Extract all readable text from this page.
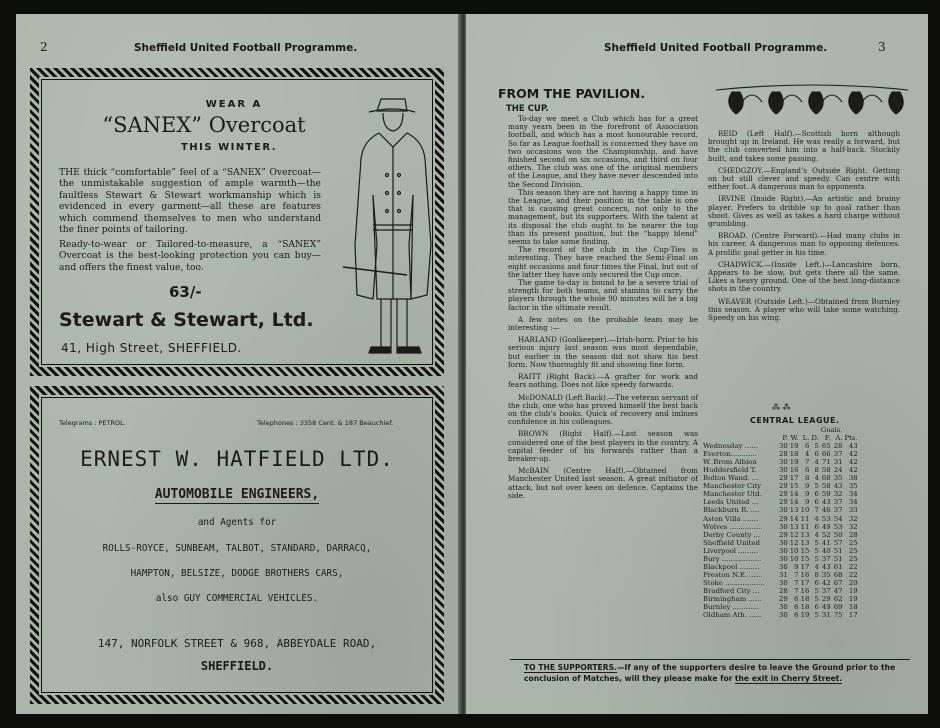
2	Sheffield United Football Programme.
WEAR A
“SANEX” Overcoat
THIS WINTER.
THE thick “comfortable” feel of a “SANEX” Overcoat—the unmistakable suggestion of ample warmth—the faultless Stewart & Stewart workmanship which is evidenced in every garment—all these are features which commend themselves to men who understand the finer points of tailoring.
Ready-to-wear or Tailored-to-measure, a “SANEX” Overcoat is the best-looking protection you can buy—and offers the finest value, too.
63/-
Stewart & Stewart, Ltd.
41, High Street, SHEFFIELD.
Telegrams : PETROL.	Telephones : 3358 Cent. & 187 Beauchief.
ERNEST W. HATFIELD LTD.
AUTOMOBILE ENGINEERS,
and Agents for
ROLLS-ROYCE, SUNBEAM, TALBOT, STANDARD, DARRACQ,
HAMPTON, BELSIZE, DODGE BROTHERS CARS,
also GUY COMMERCIAL VEHICLES.
147, NORFOLK STREET & 968, ABBEYDALE ROAD,
SHEFFIELD.
Sheffield United Football Programme.	3
FROM THE PAVILION.
THE CUP.

To-day we meet a Club which has for a great many years been in the forefront of Association football, and which has a most honourable record. So far as League football is concerned they have on two occasions won the Championship, and have finished second on six occasions, and third on four others. The club was one of the original members of the League, and they have never descended into the Second Division.

This season they are not having a happy time in the League, and their position in the table is one that is causing great concern, not only to the management, but its supporters. With the talent at its disposal the club ought to be nearer the top than its present position, but the “happy blend” seems to take some finding.

The record of the club in the Cup-Ties is interesting. They have reached the Semi-Final on eight occasions and four times the Final, but out of the latter they have only secured the Cup once.

The game to-day is bound to be a severe trial of strength for both teams, and stamina to carry the players through the whole 90 minutes will be a big factor in the ultimate result.

A few notes on the probable team may be interesting :—

HARLAND (Goalkeeper).—Irish-born. Prior to his serious injury last season was most dependable, but earlier in the season did not show his best form. Now thoroughly fit and showing fine form.

RAITT (Right Back).—A grafter for work and fears nothing. Does not like speedy forwards.

McDONALD (Left Back).—The veteran servant of the club, one who has proved himself the best back on the club’s books. Quick of recovery and imbues confidence in his colleagues.

BROWN (Right Half).—Last season was considered one of the best players in the country. A capital feeder of his forwards rather than a breaker-up.

McBAIN (Centre Half).—Obtained from Manchester United last season. A great initiator of attack, but not over keen on defence. Captains the side.

REID (Left Half).—Scottish born although brought up in Ireland. He was really a forward, but the club converted him into a half-back. Stockily built, and takes some passing.

CHEDGZOY.—England’s Outside Right. Getting on but still clever and speedy. Can centre with either foot. A dangerous man to opponents.

IRVINE (Inside Right).—An artistic and brainy player. Prefers to dribble up to goal rather than shoot. Gives as well as takes a hard charge without grumbling.

BROAD. (Centre Forward).—Had many clubs in his career. A dangerous man to opposing defences. A prolific goal getter in his time.

CHADWICK.—(Inside Left.)—Lancashire born. Appears to be slow, but gets there all the same. Likes a heavy ground. One of the best long-distance shots in the country.

WEAVER (Outside Left.)—Obtained from Burnley this season. A player who will take some watching. Speedy on his wing.

⁂ ⁂
CENTRAL LEAGUE.
					Goals.		
	P.	W.	L.	D.	F.	A.	Pts.
Wednesday ......	30	19	6	5	65	28	43
Everton............	28	18	4	6	66	37	42
W. Brom Albion	30	19	7	4	71	31	42
Huddersfield T.	30	16	6	8	58	24	42
Bolton Wand. ...	29	17	8	4	68	35	38
Manchester City	29	15	9	5	58	43	35
Manchester Utd.	29	14	9	6	59	32	34
Leeds United ...	29	14	9	6	43	37	34
Blackburn R. ....	30	13	10	7	46	37	33
Aston Villa .......	29	14	11	4	53	54	32
Wolves ...............	30	13	11	6	49	53	32
Derby County ...	29	12	13	4	52	50	28
Sheffield United	30	12	13	5	41	57	25
Liverpool .........	30	10	15	5	40	51	25
Bury ..................	30	10	15	5	37	51	25
Blackpool .........	30	9	17	4	43	61	22
Preston N.E. ......	31	7	16	8	35	68	22
Stoke ..................	30	7	17	6	42	67	20
Bradford City ...	28	7	16	5	37	47	19
Birmingham ......	29	6	18	5	29	62	19
Burnley ............	30	6	18	6	49	69	18
Oldham Ath. ......	30	6	19	5	31	75	17
TO THE SUPPORTERS.—If any of the supporters desire to leave the Ground prior to the conclusion of Matches, will they please make for the exit in Cherry Street.
